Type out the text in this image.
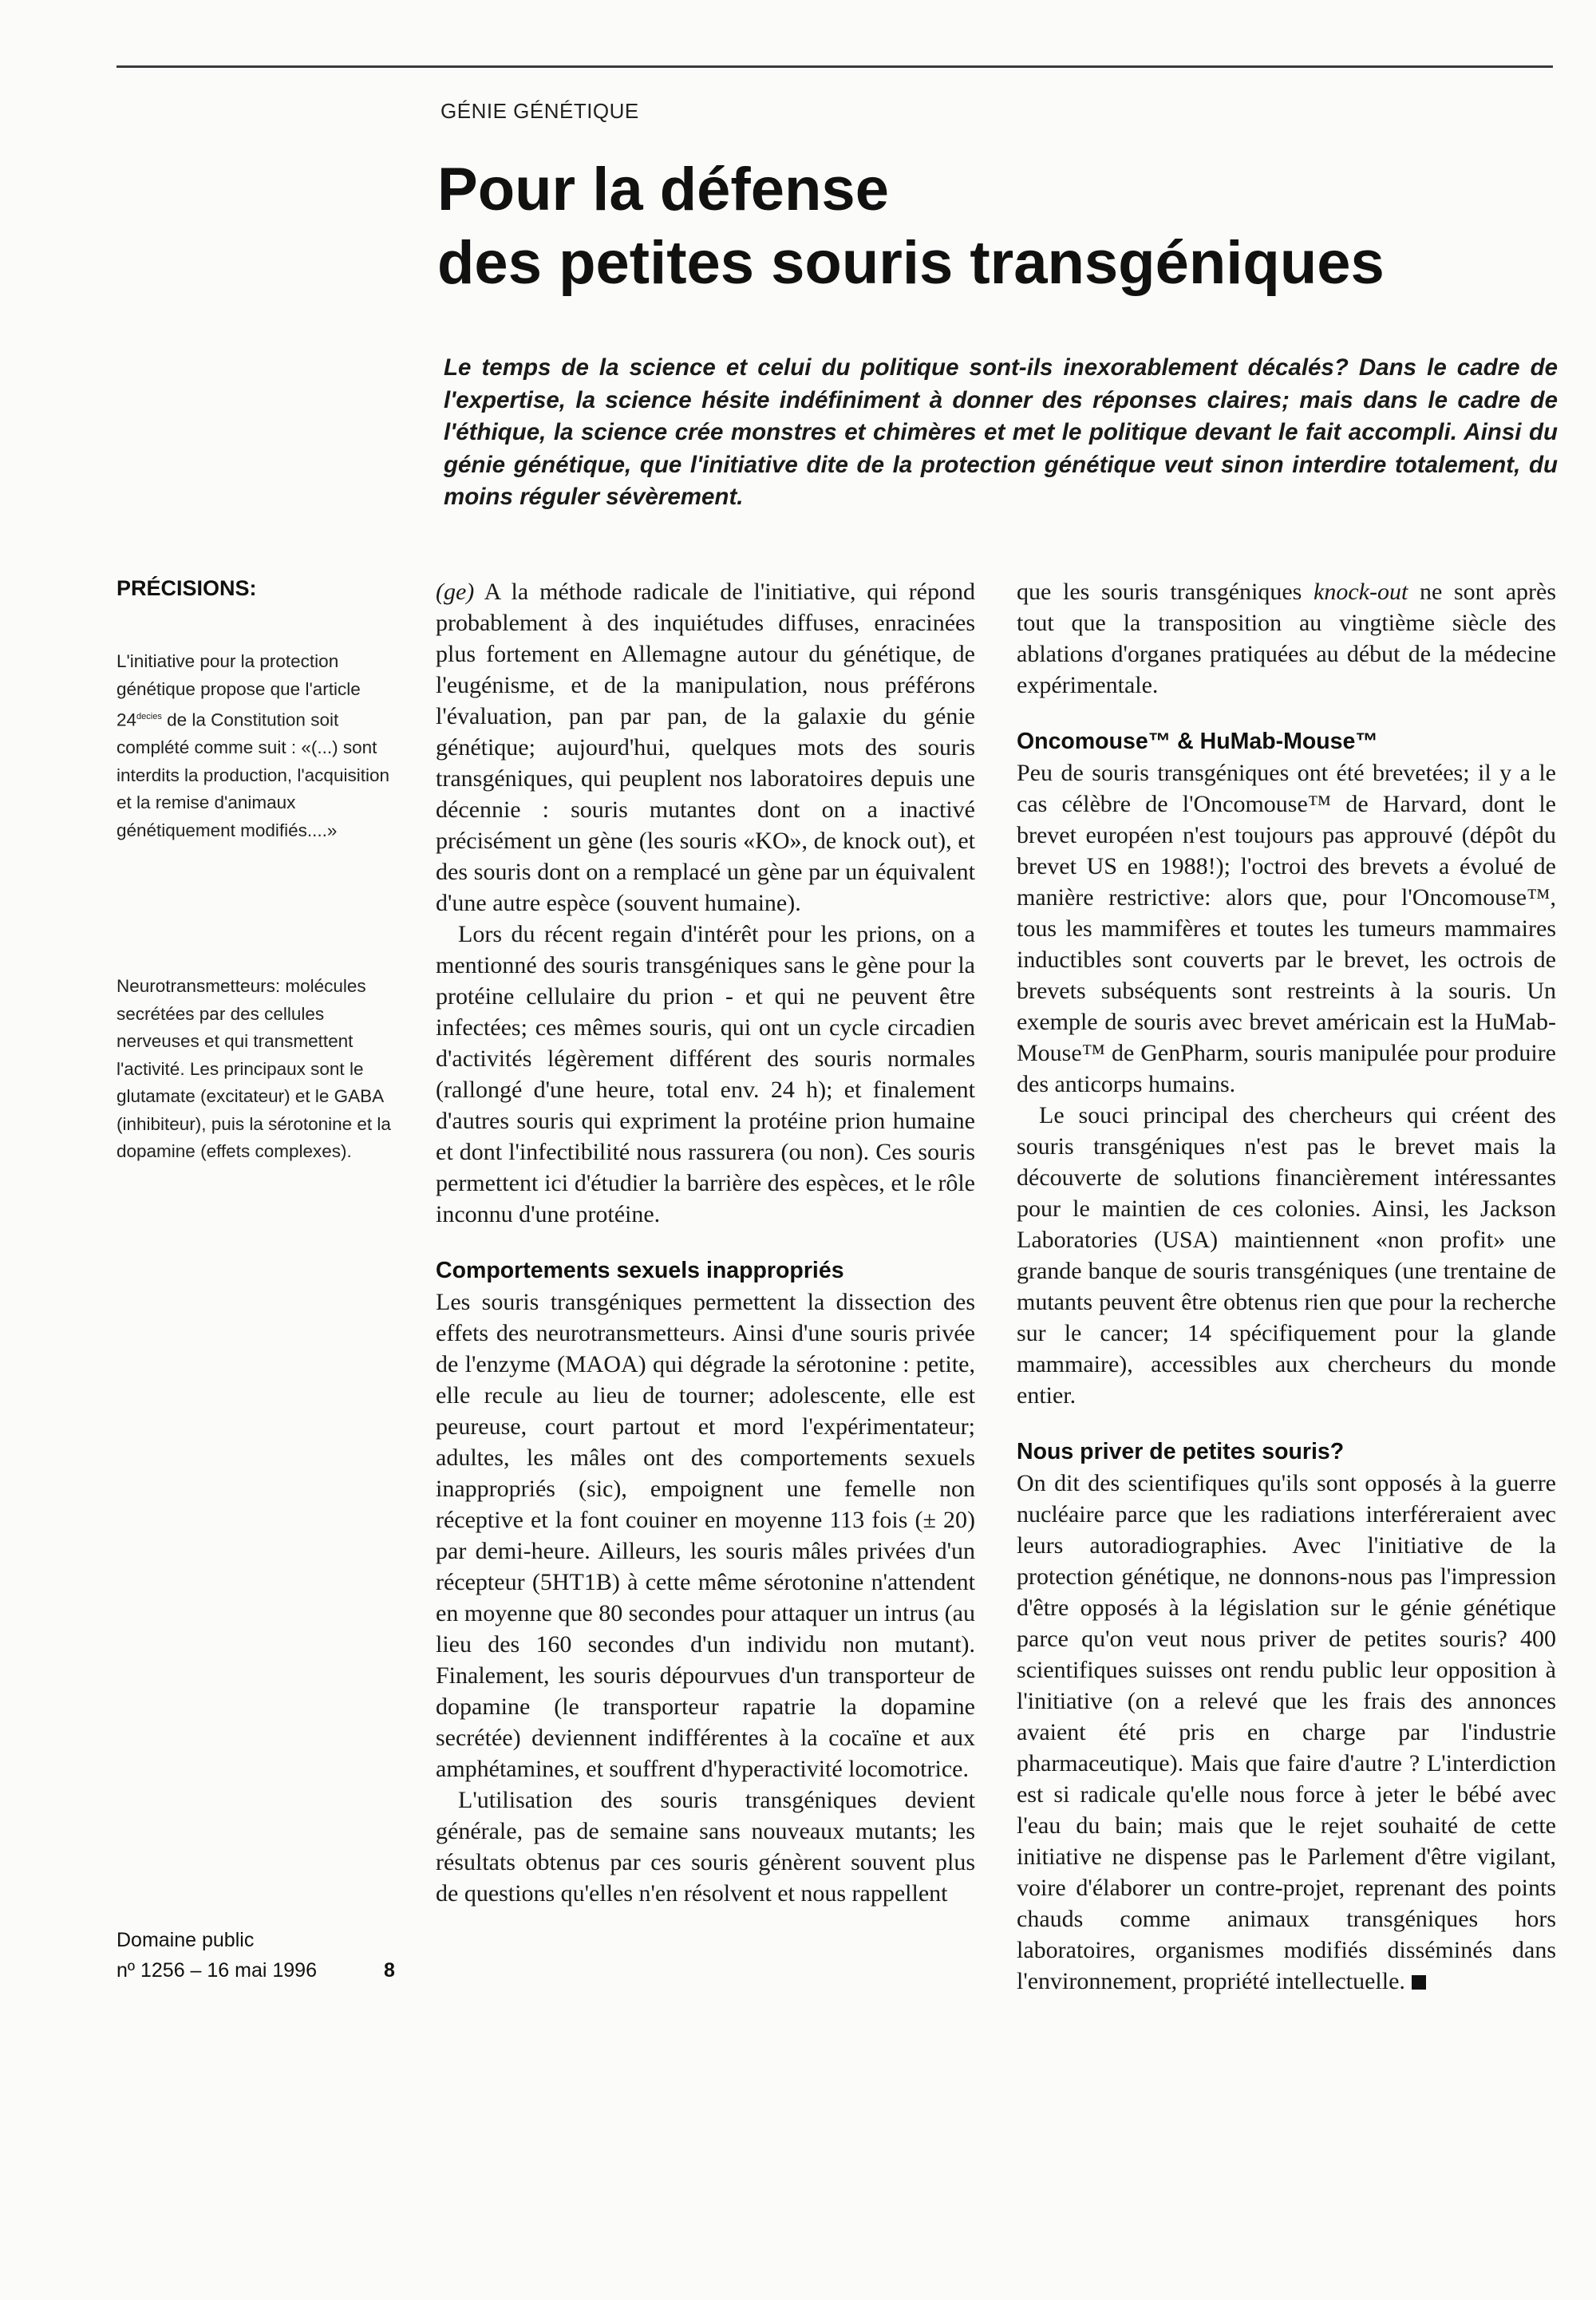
GÉNIE GÉNÉTIQUE
Pour la défense
des petites souris transgéniques
Le temps de la science et celui du politique sont-ils inexorablement décalés? Dans le cadre de l'expertise, la science hésite indéfiniment à donner des réponses claires; mais dans le cadre de l'éthique, la science crée monstres et chimères et met le politique devant le fait accompli. Ainsi du génie génétique, que l'initiative dite de la protection génétique veut sinon interdire totalement, du moins réguler sévèrement.
PRÉCISIONS:
L'initiative pour la protection génétique propose que l'article $24^{decies}$ de la Constitution soit complété comme suit : «(...) sont interdits la production, l'acquisition et la remise d'animaux génétiquement modifiés....»
Neurotransmetteurs: molécules secrétées par des cellules nerveuses et qui transmettent l'activité. Les principaux sont le glutamate (excitateur) et le GABA (inhibiteur), puis la sérotonine et la dopamine (effets complexes).
Domaine public
nº 1256 – 16 mai 1996	8

(ge) A la méthode radicale de l'initiative, qui répond probablement à des inquiétudes diffuses, enracinées plus fortement en Allemagne autour du génétique, de l'eugénisme, et de la manipulation, nous préférons l'évaluation, pan par pan, de la galaxie du génie génétique; aujourd'hui, quelques mots des souris transgéniques, qui peuplent nos laboratoires depuis une décennie : souris mutantes dont on a inactivé précisément un gène (les souris «KO», de knock out), et des souris dont on a remplacé un gène par un équivalent d'une autre espèce (souvent humaine).

Lors du récent regain d'intérêt pour les prions, on a mentionné des souris transgéniques sans le gène pour la protéine cellulaire du prion - et qui ne peuvent être infectées; ces mêmes souris, qui ont un cycle circadien d'activités légèrement différent des souris normales (rallongé d'une heure, total env. 24 h); et finalement d'autres souris qui expriment la protéine prion humaine et dont l'infectibilité nous rassurera (ou non). Ces souris permettent ici d'étudier la barrière des espèces, et le rôle inconnu d'une protéine.

Comportements sexuels inappropriés

Les souris transgéniques permettent la dissection des effets des neurotransmetteurs. Ainsi d'une souris privée de l'enzyme (MAOA) qui dégrade la sérotonine : petite, elle recule au lieu de tourner; adolescente, elle est peureuse, court partout et mord l'expérimentateur; adultes, les mâles ont des comportements sexuels inappropriés (sic), empoignent une femelle non réceptive et la font couiner en moyenne 113 fois (± 20) par demi-heure. Ailleurs, les souris mâles privées d'un récepteur (5HT1B) à cette même sérotonine n'attendent en moyenne que 80 secondes pour attaquer un intrus (au lieu des 160 secondes d'un individu non mutant). Finalement, les souris dépourvues d'un transporteur de dopamine (le transporteur rapatrie la dopamine secrétée) deviennent indifférentes à la cocaïne et aux amphétamines, et souffrent d'hyperactivité locomotrice.

L'utilisation des souris transgéniques devient générale, pas de semaine sans nouveaux mutants; les résultats obtenus par ces souris génèrent souvent plus de questions qu'elles n'en résolvent et nous rappellent

que les souris transgéniques knock-out ne sont après tout que la transposition au vingtième siècle des ablations d'organes pratiquées au début de la médecine expérimentale.

Oncomouse™ & HuMab-Mouse™

Peu de souris transgéniques ont été brevetées; il y a le cas célèbre de l'Oncomouse™ de Harvard, dont le brevet européen n'est toujours pas approuvé (dépôt du brevet US en 1988!); l'octroi des brevets a évolué de manière restrictive: alors que, pour l'Oncomouse™, tous les mammifères et toutes les tumeurs mammaires inductibles sont couverts par le brevet, les octrois de brevets subséquents sont restreints à la souris. Un exemple de souris avec brevet américain est la HuMab-Mouse™ de GenPharm, souris manipulée pour produire des anticorps humains.

Le souci principal des chercheurs qui créent des souris transgéniques n'est pas le brevet mais la découverte de solutions financièrement intéressantes pour le maintien de ces colonies. Ainsi, les Jackson Laboratories (USA) maintiennent «non profit» une grande banque de souris transgéniques (une trentaine de mutants peuvent être obtenus rien que pour la recherche sur le cancer; 14 spécifiquement pour la glande mammaire), accessibles aux chercheurs du monde entier.

Nous priver de petites souris?

On dit des scientifiques qu'ils sont opposés à la guerre nucléaire parce que les radiations interféreraient avec leurs autoradiographies. Avec l'initiative de la protection génétique, ne donnons-nous pas l'impression d'être opposés à la législation sur le génie génétique parce qu'on veut nous priver de petites souris? 400 scientifiques suisses ont rendu public leur opposition à l'initiative (on a relevé que les frais des annonces avaient été pris en charge par l'industrie pharmaceutique). Mais que faire d'autre ? L'interdiction est si radicale qu'elle nous force à jeter le bébé avec l'eau du bain; mais que le rejet souhaité de cette initiative ne dispense pas le Parlement d'être vigilant, voire d'élaborer un contre-projet, reprenant des points chauds comme animaux transgéniques hors laboratoires, organismes modifiés disséminés dans l'environnement, propriété intellectuelle.
